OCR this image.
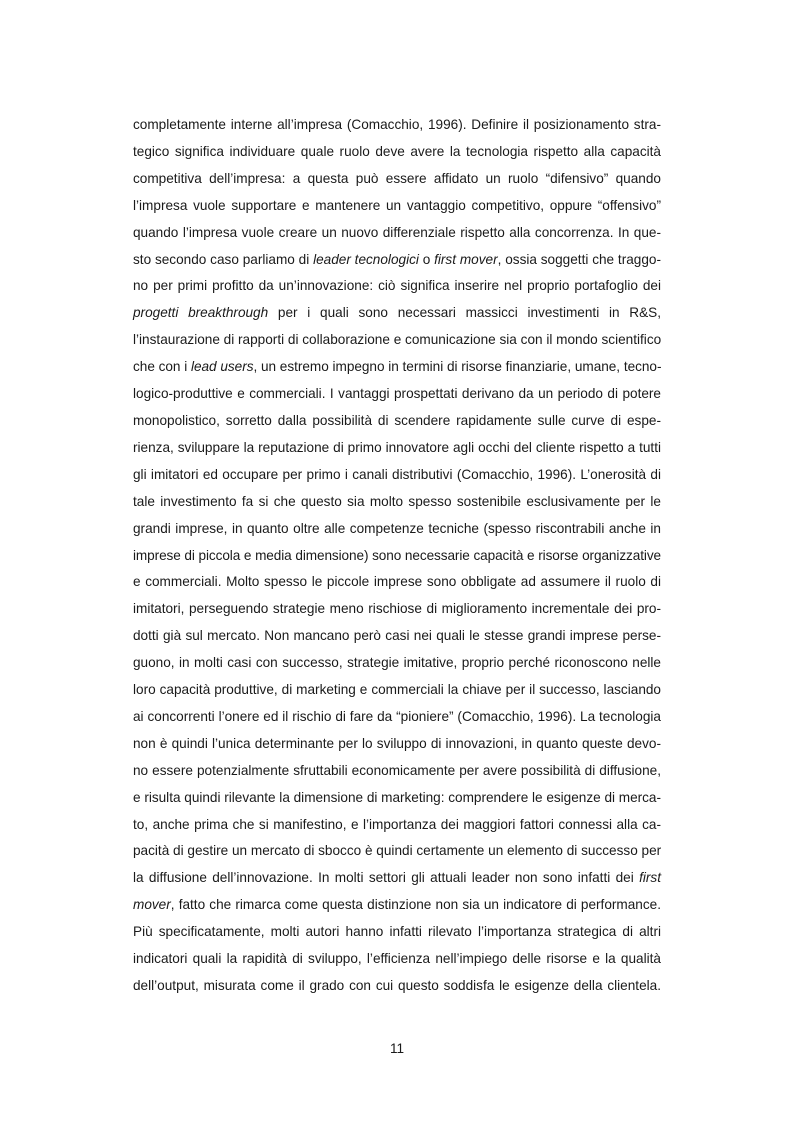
completamente interne all’impresa (Comacchio, 1996). Definire il posizionamento stra-
tegico significa individuare quale ruolo deve avere la tecnologia rispetto alla capacità
competitiva dell’impresa: a questa può essere affidato un ruolo “difensivo” quando
l’impresa vuole supportare e mantenere un vantaggio competitivo, oppure “offensivo”
quando l’impresa vuole creare un nuovo differenziale rispetto alla concorrenza. In que-
sto secondo caso parliamo di leader tecnologici o first mover, ossia soggetti che traggo-
no per primi profitto da un’innovazione: ciò significa inserire nel proprio portafoglio dei
progetti breakthrough per i quali sono necessari massicci investimenti in R&S,
l’instaurazione di rapporti di collaborazione e comunicazione sia con il mondo scientifico
che con i lead users, un estremo impegno in termini di risorse finanziarie, umane, tecno-
logico-produttive e commerciali. I vantaggi prospettati derivano da un periodo di potere
monopolistico, sorretto dalla possibilità di scendere rapidamente sulle curve di espe-
rienza, sviluppare la reputazione di primo innovatore agli occhi del cliente rispetto a tutti
gli imitatori ed occupare per primo i canali distributivi (Comacchio, 1996). L’onerosità di
tale investimento fa si che questo sia molto spesso sostenibile esclusivamente per le
grandi imprese, in quanto oltre alle competenze tecniche (spesso riscontrabili anche in
imprese di piccola e media dimensione) sono necessarie capacità e risorse organizzative
e commerciali. Molto spesso le piccole imprese sono obbligate ad assumere il ruolo di
imitatori, perseguendo strategie meno rischiose di miglioramento incrementale dei pro-
dotti già sul mercato. Non mancano però casi nei quali le stesse grandi imprese perse-
guono, in molti casi con successo, strategie imitative, proprio perché riconoscono nelle
loro capacità produttive, di marketing e commerciali la chiave per il successo, lasciando
ai concorrenti l’onere ed il rischio di fare da “pioniere” (Comacchio, 1996). La tecnologia
non è quindi l’unica determinante per lo sviluppo di innovazioni, in quanto queste devo-
no essere potenzialmente sfruttabili economicamente per avere possibilità di diffusione,
e risulta quindi rilevante la dimensione di marketing: comprendere le esigenze di merca-
to, anche prima che si manifestino, e l’importanza dei maggiori fattori connessi alla ca-
pacità di gestire un mercato di sbocco è quindi certamente un elemento di successo per
la diffusione dell’innovazione. In molti settori gli attuali leader non sono infatti dei first
mover, fatto che rimarca come questa distinzione non sia un indicatore di performance.
Più specificatamente, molti autori hanno infatti rilevato l’importanza strategica di altri
indicatori quali la rapidità di sviluppo, l’efficienza nell’impiego delle risorse e la qualità
dell’output, misurata come il grado con cui questo soddisfa le esigenze della clientela.
11
